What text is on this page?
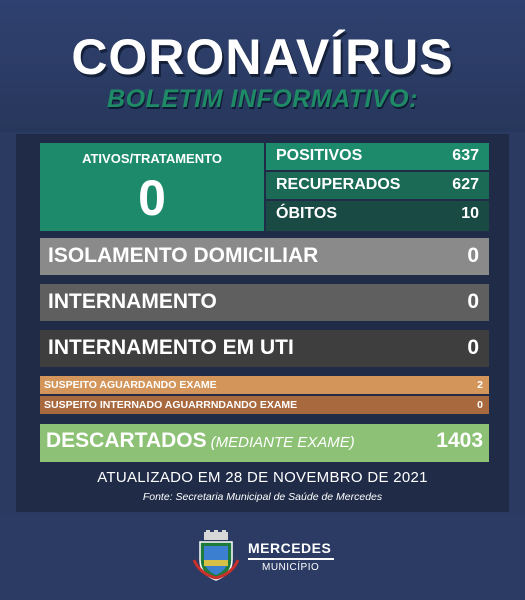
CORONAVÍRUS
BOLETIM INFORMATIVO:
ATIVOS/TRATAMENTO
0
POSITIVOS	637
RECUPERADOS	627
ÓBITOS	10
ISOLAMENTO DOMICILIAR	0
INTERNAMENTO	0
INTERNAMENTO EM UTI	0
SUSPEITO AGUARDANDO EXAME	2
SUSPEITO INTERNADO AGUARRNDANDO EXAME	0
DESCARTADOS (MEDIANTE EXAME)	1403
ATUALIZADO EM 28 DE NOVEMBRO DE 2021
Fonte: Secretaria Municipal de Saúde de Mercedes
MERCEDES
MUNICÍPIO
